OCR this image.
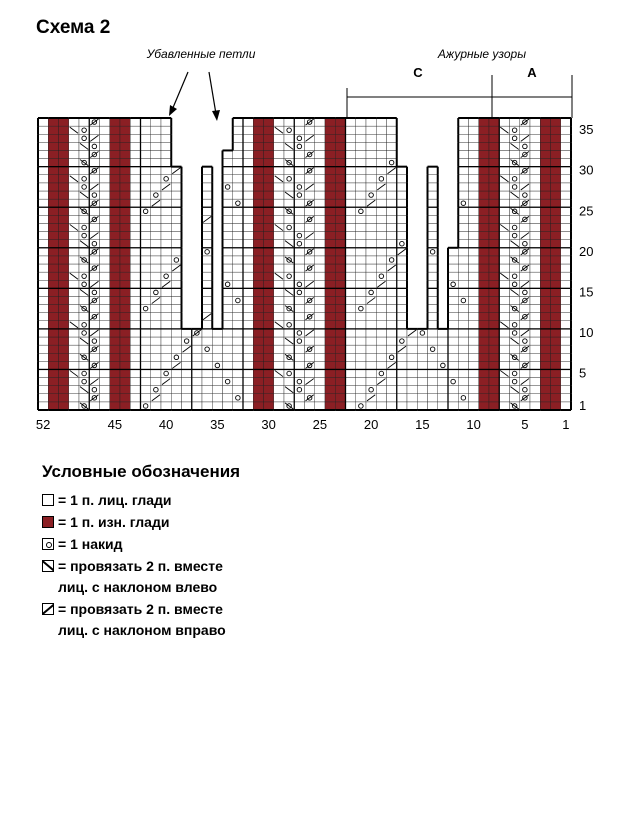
Схема 2
1
5
10
15
20
25
30
35
52	45	40	35	30	25	20	15	10	5	1
Убавленные петли	Ажурные узоры
С	А
Условные обозначения
= 1 п. лиц. глади
= 1 п. изн. глади
= 1 накид
= провязать 2 п. вместе
лиц. с наклоном влево
= провязать 2 п. вместе
лиц. с наклоном вправо
